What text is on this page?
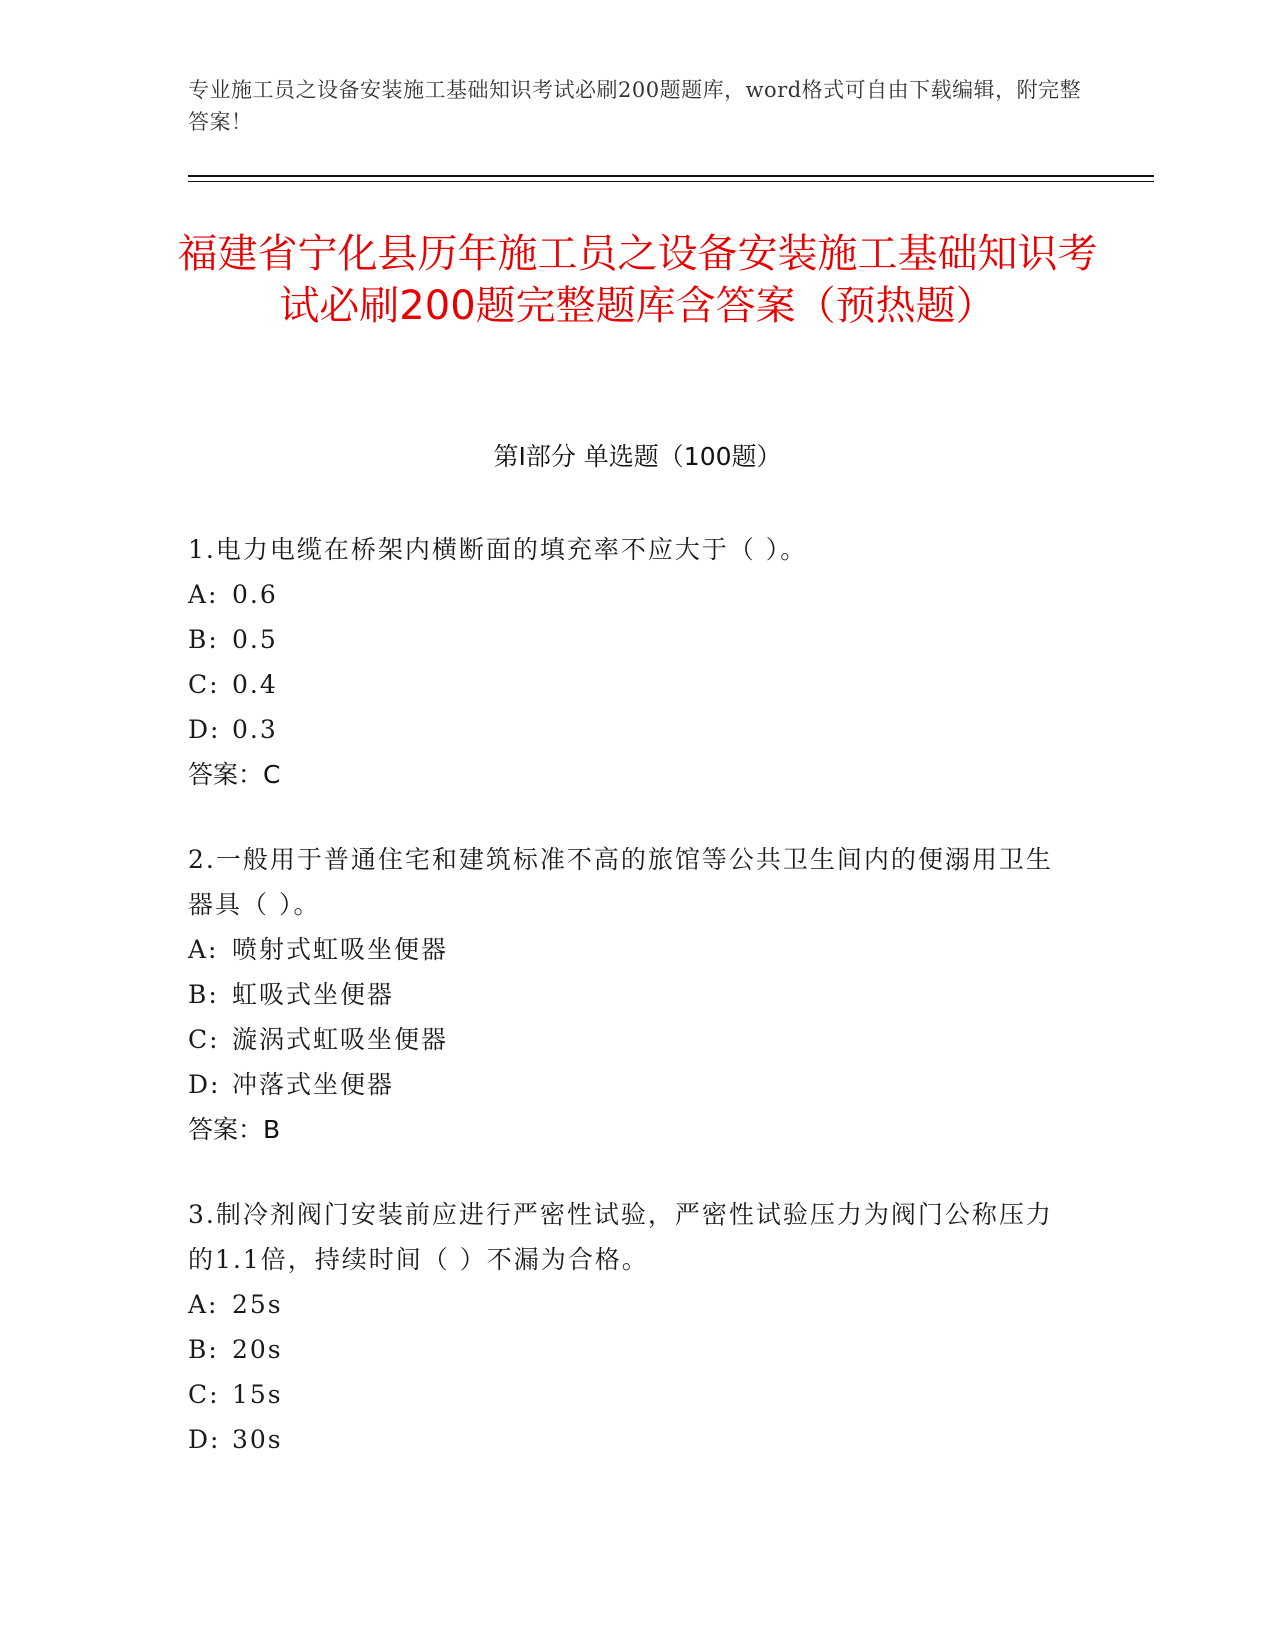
专业施工员之设备安装施工基础知识考试必刷200题题库，word格式可自由下载编辑，附完整答案！
福建省宁化县历年施工员之设备安装施工基础知识考试必刷200题完整题库含答案（预热题）
第I部分 单选题（100题）
1.电力电缆在桥架内横断面的填充率不应大于（ ）。
A: 0.6
B: 0.5
C: 0.4
D: 0.3
答案：C
2.一般用于普通住宅和建筑标准不高的旅馆等公共卫生间内的便溺用卫生器具（ ）。
A: 喷射式虹吸坐便器
B: 虹吸式坐便器
C: 漩涡式虹吸坐便器
D: 冲落式坐便器
答案：B
3.制冷剂阀门安装前应进行严密性试验，严密性试验压力为阀门公称压力的1.1倍，持续时间（ ）不漏为合格。
A: 25s
B: 20s
C: 15s
D: 30s
